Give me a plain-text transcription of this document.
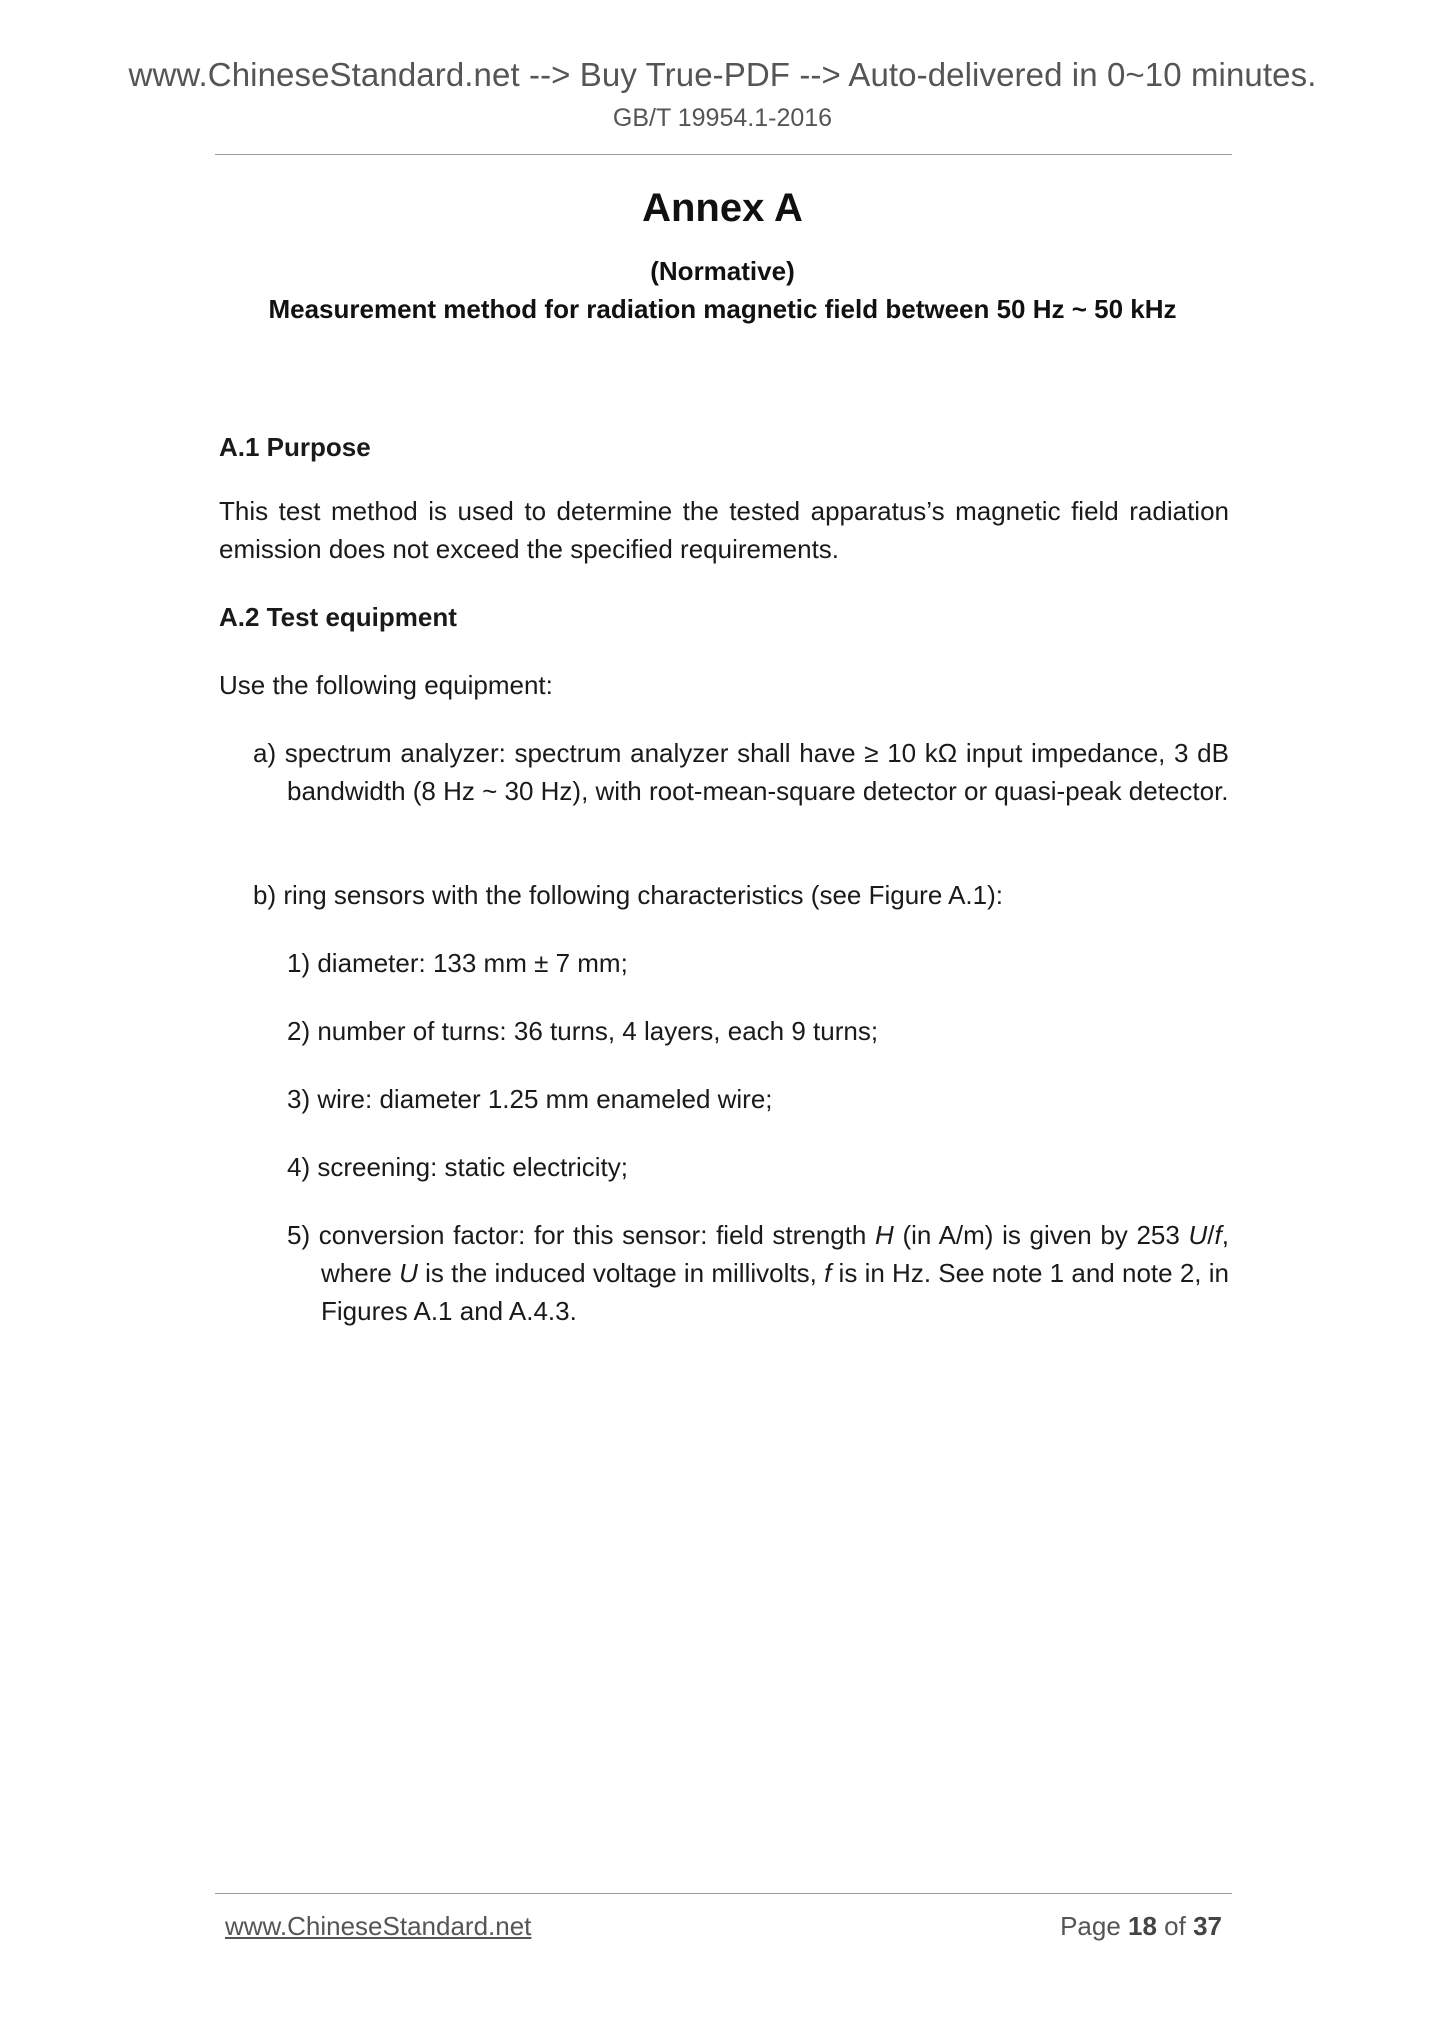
www.ChineseStandard.net --> Buy True-PDF --> Auto-delivered in 0~10 minutes.
GB/T 19954.1-2016
Annex A
(Normative)
Measurement method for radiation magnetic field between 50 Hz ~ 50 kHz
A.1 Purpose
This test method is used to determine the tested apparatus’s magnetic field radiation emission does not exceed the specified requirements.
A.2 Test equipment
Use the following equipment:
a) spectrum analyzer: spectrum analyzer shall have ≥ 10 kΩ input impedance, 3 dB bandwidth (8 Hz ~ 30 Hz), with root-mean-square detector or quasi-peak detector.
b) ring sensors with the following characteristics (see Figure A.1):
1) diameter: 133 mm ± 7 mm;
2) number of turns: 36 turns, 4 layers, each 9 turns;
3) wire: diameter 1.25 mm enameled wire;
4) screening: static electricity;
5) conversion factor: for this sensor: field strength H (in A/m) is given by 253 U/f, where U is the induced voltage in millivolts, f is in Hz. See note 1 and note 2, in Figures A.1 and A.4.3.
www.ChineseStandard.net	Page 18 of 37
